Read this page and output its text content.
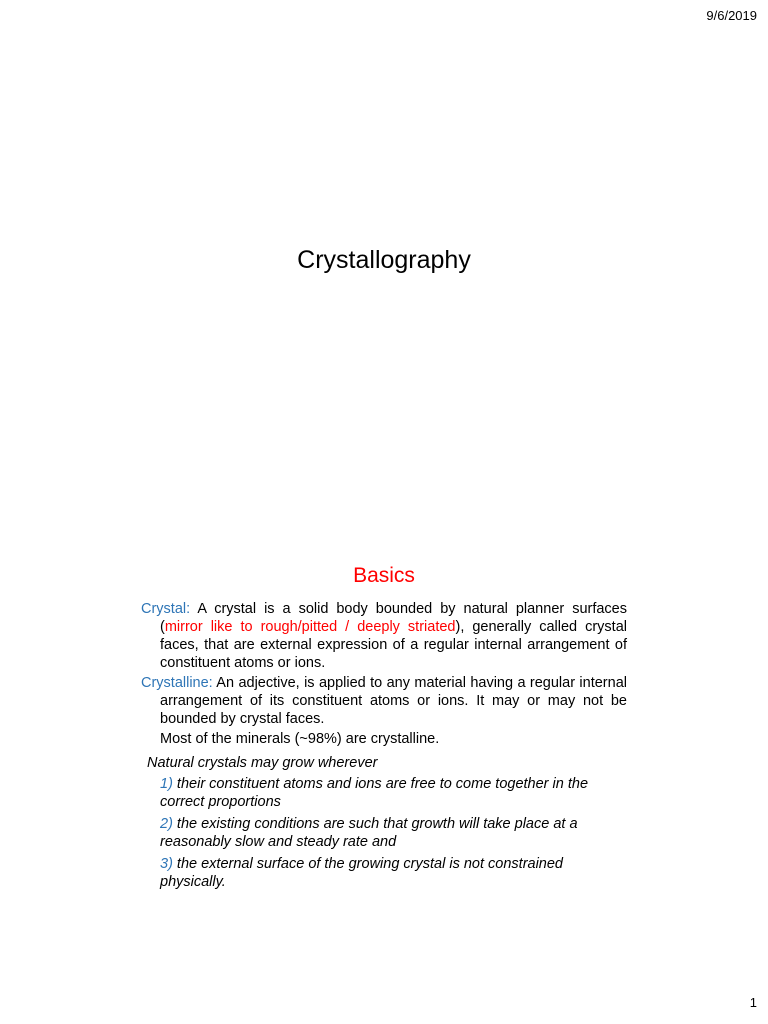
9/6/2019
Crystallography
Basics

Crystal: A crystal is a solid body bounded by natural planner surfaces (mirror like to rough/pitted / deeply striated), generally called crystal faces, that are external expression of a regular internal arrangement of constituent atoms or ions.

Crystalline: An adjective, is applied to any material having a regular internal arrangement of its constituent atoms or ions. It may or may not be bounded by crystal faces.

Most of the minerals (~98%) are crystalline.

Natural crystals may grow wherever

1) their constituent atoms and ions are free to come together in the correct proportions

2) the existing conditions are such that growth will take place at a reasonably slow and steady rate and

3) the external surface of the growing crystal is not constrained physically.

1
